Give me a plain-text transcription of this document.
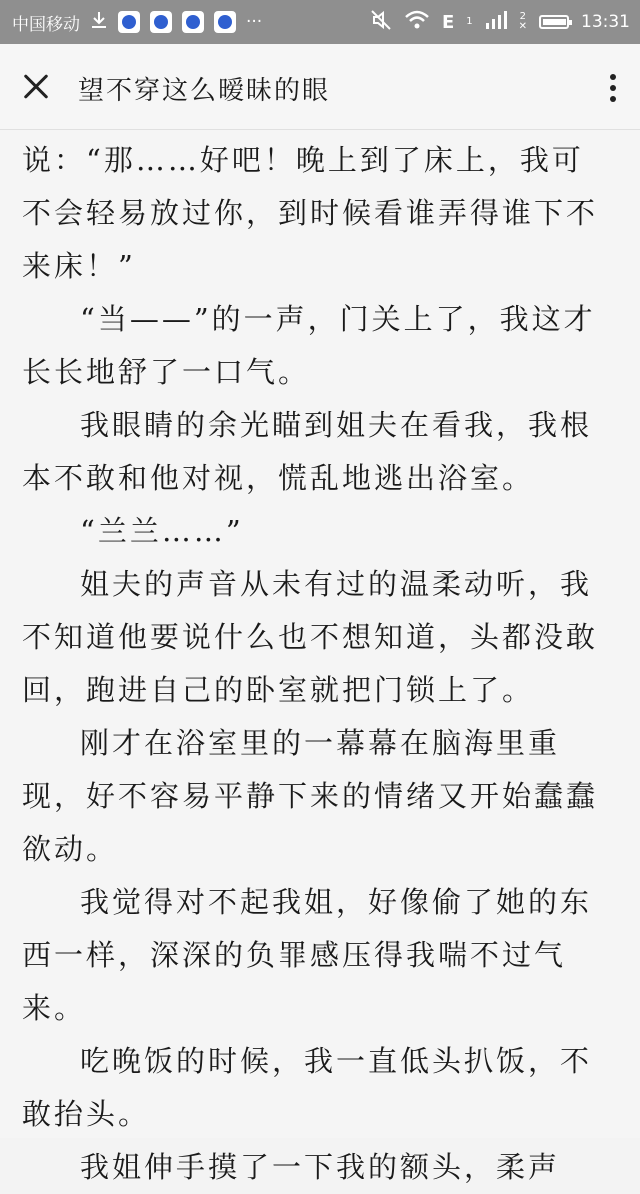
中国移动	···	E 1	2
✕	13:31
望不穿这么暧昧的眼

说：“那……好吧！晚上到了床上，我可不会轻易放过你，到时候看谁弄得谁下不来床！”

“当——”的一声，门关上了，我这才长长地舒了一口气。

我眼睛的余光瞄到姐夫在看我，我根本不敢和他对视，慌乱地逃出浴室。

“兰兰……”

姐夫的声音从未有过的温柔动听，我不知道他要说什么也不想知道，头都没敢回，跑进自己的卧室就把门锁上了。

刚才在浴室里的一幕幕在脑海里重现，好不容易平静下来的情绪又开始蠢蠢欲动。

我觉得对不起我姐，好像偷了她的东西一样，深深的负罪感压得我喘不过气来。

吃晚饭的时候，我一直低头扒饭，不敢抬头。

我姐伸手摸了一下我的额头，柔声
